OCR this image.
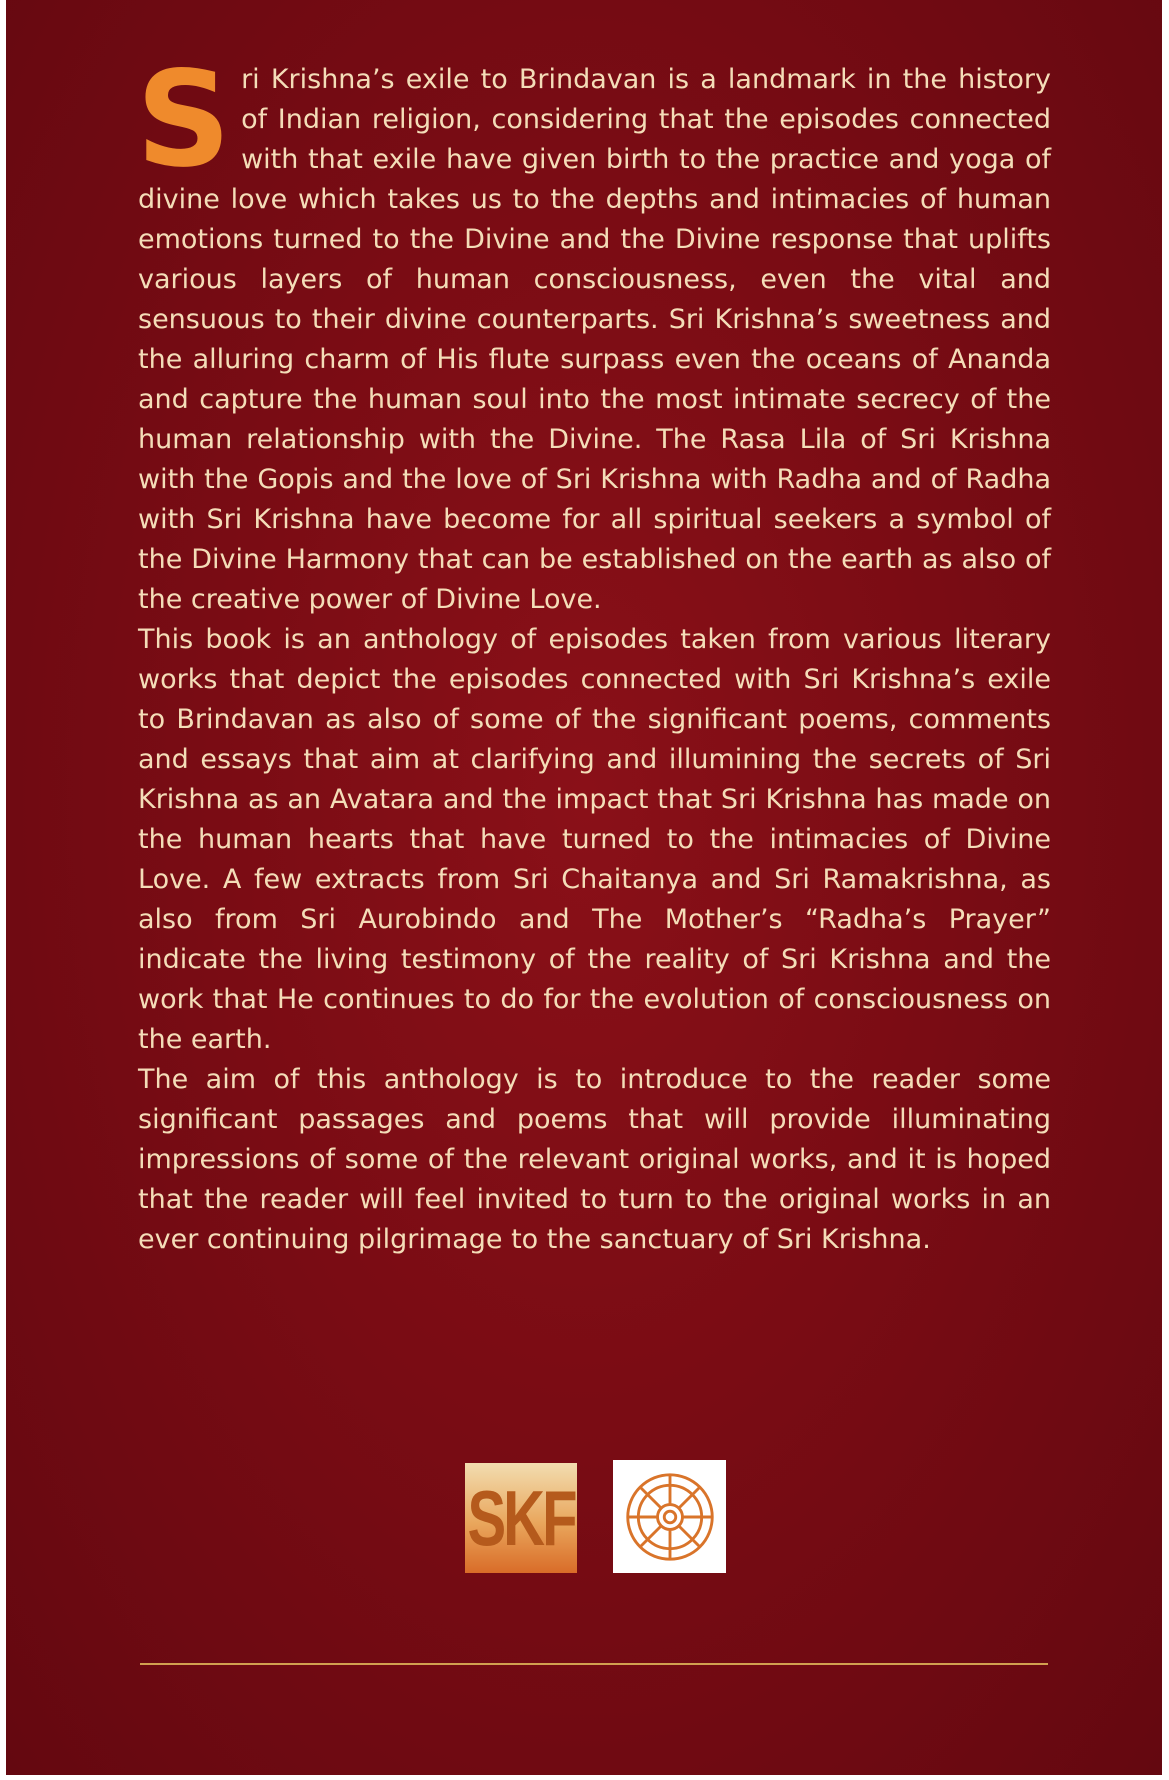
Sri Krishna’s exile to Brindavan is a landmark in the history of Indian religion, considering that the episodes connected with that exile have given birth to the practice and yoga of divine love which takes us to the depths and intimacies of human emotions turned to the Divine and the Divine response that uplifts various layers of human consciousness, even the vital and sensuous to their divine counterparts. Sri Krishna’s sweetness and the alluring charm of His flute surpass even the oceans of Ananda and capture the human soul into the most intimate secrecy of the human relationship with the Divine. The Rasa Lila of Sri Krishna with the Gopis and the love of Sri Krishna with Radha and of Radha with Sri Krishna have become for all spiritual seekers a symbol of the Divine Harmony that can be established on the earth as also of the creative power of Divine Love.

This book is an anthology of episodes taken from various literary works that depict the episodes connected with Sri Krishna’s exile to Brindavan as also of some of the significant poems, comments and essays that aim at clarifying and illumining the secrets of Sri Krishna as an Avatara and the impact that Sri Krishna has made on the human hearts that have turned to the intimacies of Divine Love. A few extracts from Sri Chaitanya and Sri Ramakrishna, as also from Sri Aurobindo and The Mother’s “Radha’s Prayer” indicate the living testimony of the reality of Sri Krishna and the work that He continues to do for the evolution of consciousness on the earth.

The aim of this anthology is to introduce to the reader some significant passages and poems that will provide illuminating impressions of some of the relevant original works, and it is hoped that the reader will feel invited to turn to the original works in an ever continuing pilgrimage to the sanctuary of Sri Krishna.

SKF
